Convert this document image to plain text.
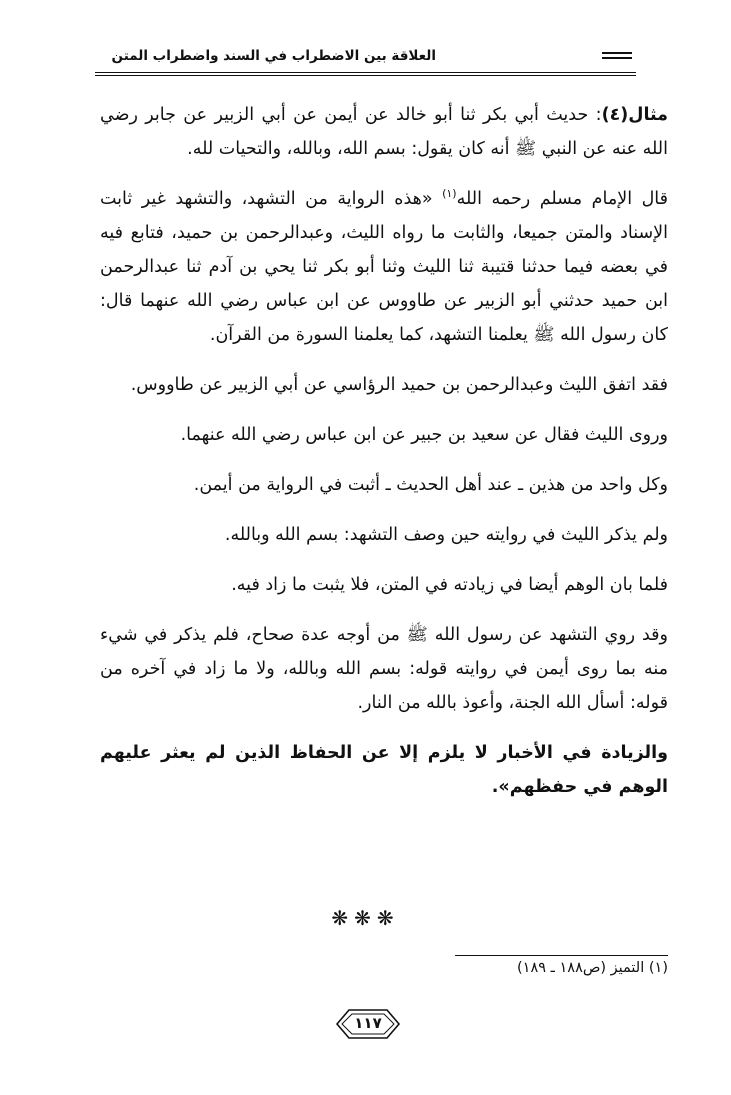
العلاقة بين الاضطراب في السند واضطراب المتن

مثال(٤): حديث أبي بكر ثنا أبو خالد عن أيمن عن أبي الزبير عن جابر رضي الله عنه عن النبي ﷺ أنه كان يقول: بسم الله، وبالله، والتحيات لله.

قال الإمام مسلم رحمه الله$^{(١)}$ «هذه الرواية من التشهد، والتشهد غير ثابت الإسناد والمتن جميعا، والثابت ما رواه الليث، وعبدالرحمن بن حميد، فتابع فيه في بعضه فيما حدثنا قتيبة ثنا الليث وثنا أبو بكر ثنا يحي بن آدم ثنا عبدالرحمن ابن حميد حدثني أبو الزبير عن طاووس عن ابن عباس رضي الله عنهما قال: كان رسول الله ﷺ يعلمنا التشهد، كما يعلمنا السورة من القرآن.

فقد اتفق الليث وعبدالرحمن بن حميد الرؤاسي عن أبي الزبير عن طاووس.

وروى الليث فقال عن سعيد بن جبير عن ابن عباس رضي الله عنهما.

وكل واحد من هذين ـ عند أهل الحديث ـ أثبت في الرواية من أيمن.

ولم يذكر الليث في روايته حين وصف التشهد: بسم الله وبالله.

فلما بان الوهم أيضا في زيادته في المتن، فلا يثبت ما زاد فيه.

وقد روي التشهد عن رسول الله ﷺ من أوجه عدة صحاح، فلم يذكر في شيء منه بما روى أيمن في روايته قوله: بسم الله وبالله، ولا ما زاد في آخره من قوله: أسأل الله الجنة، وأعوذ بالله من النار.

والزيادة في الأخبار لا يلزم إلا عن الحفاظ الذين لم يعثر عليهم الوهم في حفظهم».

❋❋❋
(١) التميز (ص١٨٨ ـ ١٨٩)
١١٧
